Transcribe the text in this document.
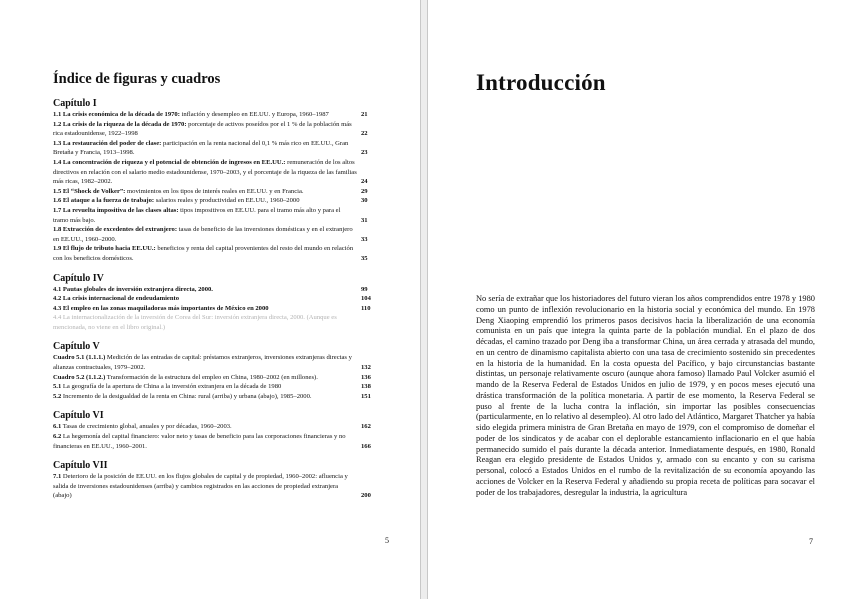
Índice de figuras y cuadros
Capítulo I
1.1 La crisis económica de la década de 1970: inflación y desempleo en EE.UU. y Europa, 1960–1987	21
1.2 La crisis de la riqueza de la década de 1970: porcentaje de activos poseídos por el 1 % de la población más rica estadounidense, 1922–1998	22
1.3 La restauración del poder de clase: participación en la renta nacional del 0,1 % más rico en EE.UU., Gran Bretaña y Francia, 1913–1998.	23
1.4 La concentración de riqueza y el potencial de obtención de ingresos en EE.UU.: remuneración de los altos directivos en relación con el salario medio estadounidense, 1970–2003, y el porcentaje de la riqueza de las familias más ricas, 1982–2002.	24
1.5 El “Shock de Volker”: movimientos en los tipos de interés reales en EE.UU. y en Francia.	29
1.6 El ataque a la fuerza de trabajo: salarios reales y productividad en EE.UU., 1960–2000	30
1.7 La revuelta impositiva de las clases altas: tipos impositivos en EE.UU. para el tramo más alto y para el tramo más bajo.	31
1.8 Extracción de excedentes del extranjero: tasas de beneficio de las inversiones domésticas y en el extranjero en EE.UU., 1960–2000.	33
1.9 El flujo de tributo hacia EE.UU.: beneficios y renta del capital provenientes del resto del mundo en relación con los beneficios domésticos.	35
Capítulo IV
4.1 Pautas globales de inversión extranjera directa, 2000.	99
4.2 La crisis internacional de endeudamiento	104
4.3 El empleo en las zonas maquiladoras más importantes de México en 2000	110
4.4 La internacionalización de la inversión de Corea del Sur: inversión extranjera directa, 2000. (Aunque es mencionada, no viene en el libro original.)
Capítulo V
Cuadro 5.1 (1.1.1.) Medición de las entradas de capital: préstamos extranjeros, inversiones extranjeras directas y alianzas contractuales, 1979–2002.	132
Cuadro 5.2 (1.1.2.) Transformación de la estructura del empleo en China, 1980–2002 (en millones).	136
5.1 La geografía de la apertura de China a la inversión extranjera en la década de 1980	138
5.2 Incremento de la desigualdad de la renta en China: rural (arriba) y urbana (abajo), 1985–2000.	151
Capítulo VI
6.1 Tasas de crecimiento global, anuales y por décadas, 1960–2003.	162
6.2 La hegemonía del capital financiero: valor neto y tasas de beneficio para las corporaciones financieras y no financieras en EE.UU., 1960–2001.	166
Capítulo VII
7.1 Deterioro de la posición de EE.UU. en los flujos globales de capital y de propiedad, 1960–2002: afluencia y salida de inversiones estadounidenses (arriba) y cambios registrados en las acciones de propiedad extranjera (abajo)	200
5
Introducción

No sería de extrañar que los historiadores del futuro vieran los años comprendidos entre 1978 y 1980 como un punto de inflexión revolucionario en la historia social y económica del mundo. En 1978 Deng Xiaoping emprendió los primeros pasos decisivos hacia la liberalización de una economía comunista en un país que integra la quinta parte de la población mundial. En el plazo de dos décadas, el camino trazado por Deng iba a transformar China, un área cerrada y atrasada del mundo, en un centro de dinamismo capitalista abierto con una tasa de crecimiento sostenido sin precedentes en la historia de la humanidad. En la costa opuesta del Pacífico, y bajo circunstancias bastante distintas, un personaje relativamente oscuro (aunque ahora famoso) llamado Paul Volcker asumió el mando de la Reserva Federal de Estados Unidos en julio de 1979, y en pocos meses ejecutó una drástica transformación de la política monetaria. A partir de ese momento, la Reserva Federal se puso al frente de la lucha contra la inflación, sin importar las posibles consecuencias (particularmente, en lo relativo al desempleo). Al otro lado del Atlántico, Margaret Thatcher ya había sido elegida primera ministra de Gran Bretaña en mayo de 1979, con el compromiso de domeñar el poder de los sindicatos y de acabar con el deplorable estancamiento inflacionario en el que había permanecido sumido el país durante la década anterior. Inmediatamente después, en 1980, Ronald Reagan era elegido presidente de Estados Unidos y, armado con su encanto y con su carisma personal, colocó a Estados Unidos en el rumbo de la revitalización de su economía apoyando las acciones de Volcker en la Reserva Federal y añadiendo su propia receta de políticas para socavar el poder de los trabajadores, desregular la industria, la agricultura

7
